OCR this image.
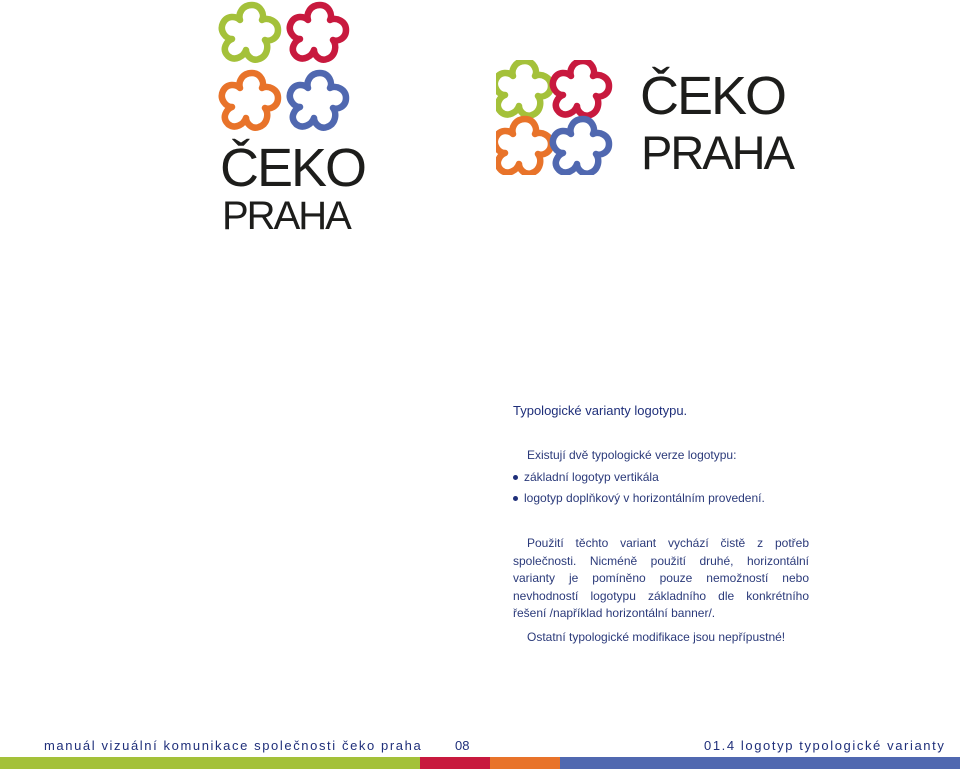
ČEKO
PRAHA
ČEKO
PRAHA
Typologické varianty logotypu.
Existují dvě typologické verze logotypu:
základní logotyp vertikála
logotyp doplňkový v horizontálním provedení.
Použití těchto variant vychází čistě z potřeb společnosti. Nicméně použití druhé, horizontální varianty je pomíněno pouze nemožností nebo nevhodností logotypu základního dle konkrétního řešení /například horizontální banner/.
Ostatní typologické modifikace jsou nepřípustné!
manuál vizuální komunikace společnosti čeko praha	08	01.4 logotyp typologické varianty
